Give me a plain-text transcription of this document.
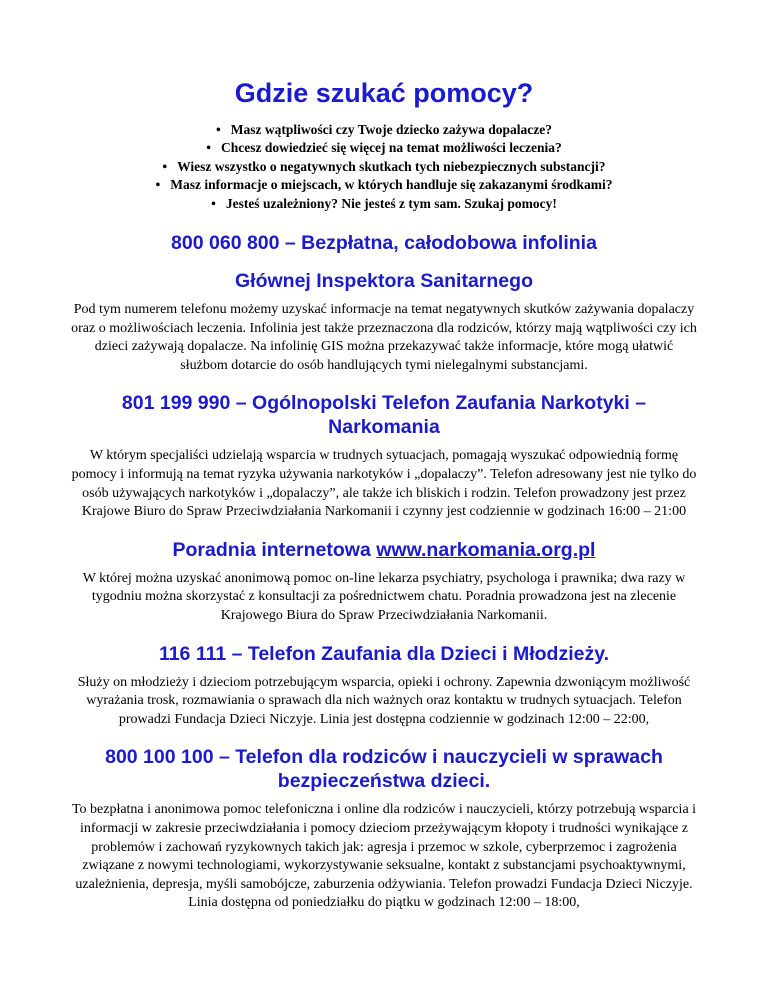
Gdzie szukać pomocy?
• Masz wątpliwości czy Twoje dziecko zażywa dopalacze?
• Chcesz dowiedzieć się więcej na temat możliwości leczenia?
• Wiesz wszystko o negatywnych skutkach tych niebezpiecznych substancji?
• Masz informacje o miejscach, w których handluje się zakazanymi środkami?
• Jesteś uzależniony? Nie jesteś z tym sam. Szukaj pomocy!
800 060 800 – Bezpłatna, całodobowa infolinia
Głównej Inspektora Sanitarnego

Pod tym numerem telefonu możemy uzyskać informacje na temat negatywnych skutków zażywania dopalaczy oraz o możliwościach leczenia. Infolinia jest także przeznaczona dla rodziców, którzy mają wątpliwości czy ich dzieci zażywają dopalacze. Na infolinię GIS można przekazywać także informacje, które mogą ułatwić służbom dotarcie do osób handlujących tymi nielegalnymi substancjami.

801 199 990 – Ogólnopolski Telefon Zaufania Narkotyki – Narkomania

W którym specjaliści udzielają wsparcia w trudnych sytuacjach, pomagają wyszukać odpowiednią formę pomocy i informują na temat ryzyka używania narkotyków i „dopalaczy”. Telefon adresowany jest nie tylko do osób używających narkotyków i „dopalaczy”, ale także ich bliskich i rodzin. Telefon prowadzony jest przez Krajowe Biuro do Spraw Przeciwdziałania Narkomanii i czynny jest codziennie w godzinach 16:00 – 21:00

Poradnia internetowa www.narkomania.org.pl

W której można uzyskać anonimową pomoc on-line lekarza psychiatry, psychologa i prawnika; dwa razy w tygodniu można skorzystać z konsultacji za pośrednictwem chatu. Poradnia prowadzona jest na zlecenie Krajowego Biura do Spraw Przeciwdziałania Narkomanii.

116 111 – Telefon Zaufania dla Dzieci i Młodzieży.

Służy on młodzieży i dzieciom potrzebującym wsparcia, opieki i ochrony. Zapewnia dzwoniącym możliwość wyrażania trosk, rozmawiania o sprawach dla nich ważnych oraz kontaktu w trudnych sytuacjach. Telefon prowadzi Fundacja Dzieci Niczyje. Linia jest dostępna codziennie w godzinach 12:00 – 22:00,

800 100 100 – Telefon dla rodziców i nauczycieli w sprawach bezpieczeństwa dzieci.

To bezpłatna i anonimowa pomoc telefoniczna i online dla rodziców i nauczycieli, którzy potrzebują wsparcia i informacji w zakresie przeciwdziałania i pomocy dzieciom przeżywającym kłopoty i trudności wynikające z problemów i zachowań ryzykownych takich jak: agresja i przemoc w szkole, cyberprzemoc i zagrożenia związane z nowymi technologiami, wykorzystywanie seksualne, kontakt z substancjami psychoaktywnymi, uzależnienia, depresja, myśli samobójcze, zaburzenia odżywiania. Telefon prowadzi Fundacja Dzieci Niczyje. Linia dostępna od poniedziałku do piątku w godzinach 12:00 – 18:00,
